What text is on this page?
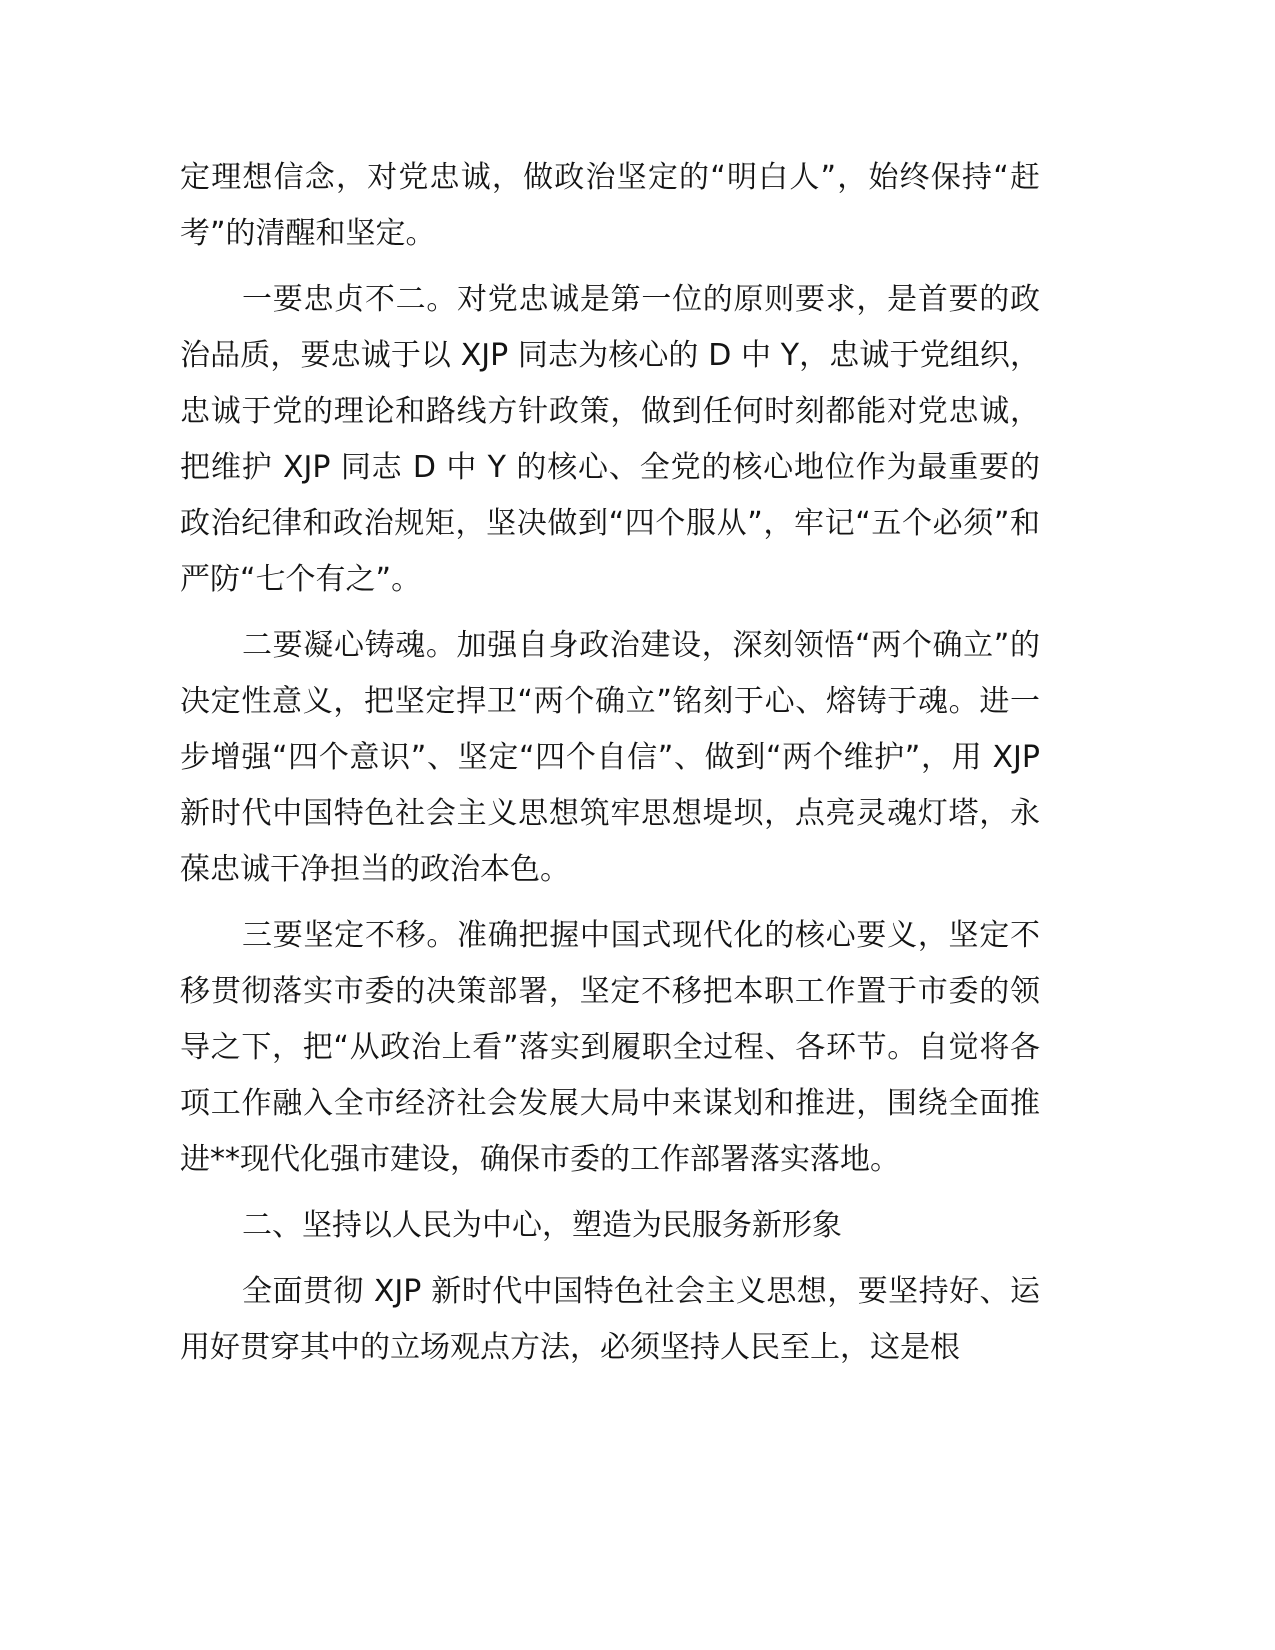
定理想信念，对党忠诚，做政治坚定的“明白人”，始终保持“赶考”的清醒和坚定。

一要忠贞不二。对党忠诚是第一位的原则要求，是首要的政治品质，要忠诚于以 XJP 同志为核心的 D 中 Y，忠诚于党组织，忠诚于党的理论和路线方针政策，做到任何时刻都能对党忠诚，把维护 XJP 同志 D 中 Y 的核心、全党的核心地位作为最重要的政治纪律和政治规矩，坚决做到“四个服从”，牢记“五个必须”和严防“七个有之”。

二要凝心铸魂。加强自身政治建设，深刻领悟“两个确立”的决定性意义，把坚定捍卫“两个确立”铭刻于心、熔铸于魂。进一步增强“四个意识”、坚定“四个自信”、做到“两个维护”，用 XJP 新时代中国特色社会主义思想筑牢思想堤坝，点亮灵魂灯塔，永葆忠诚干净担当的政治本色。

三要坚定不移。准确把握中国式现代化的核心要义，坚定不移贯彻落实市委的决策部署，坚定不移把本职工作置于市委的领导之下，把“从政治上看”落实到履职全过程、各环节。自觉将各项工作融入全市经济社会发展大局中来谋划和推进，围绕全面推进**现代化强市建设，确保市委的工作部署落实落地。

二、坚持以人民为中心，塑造为民服务新形象

全面贯彻 XJP 新时代中国特色社会主义思想，要坚持好、运用好贯穿其中的立场观点方法，必须坚持人民至上，这是根
